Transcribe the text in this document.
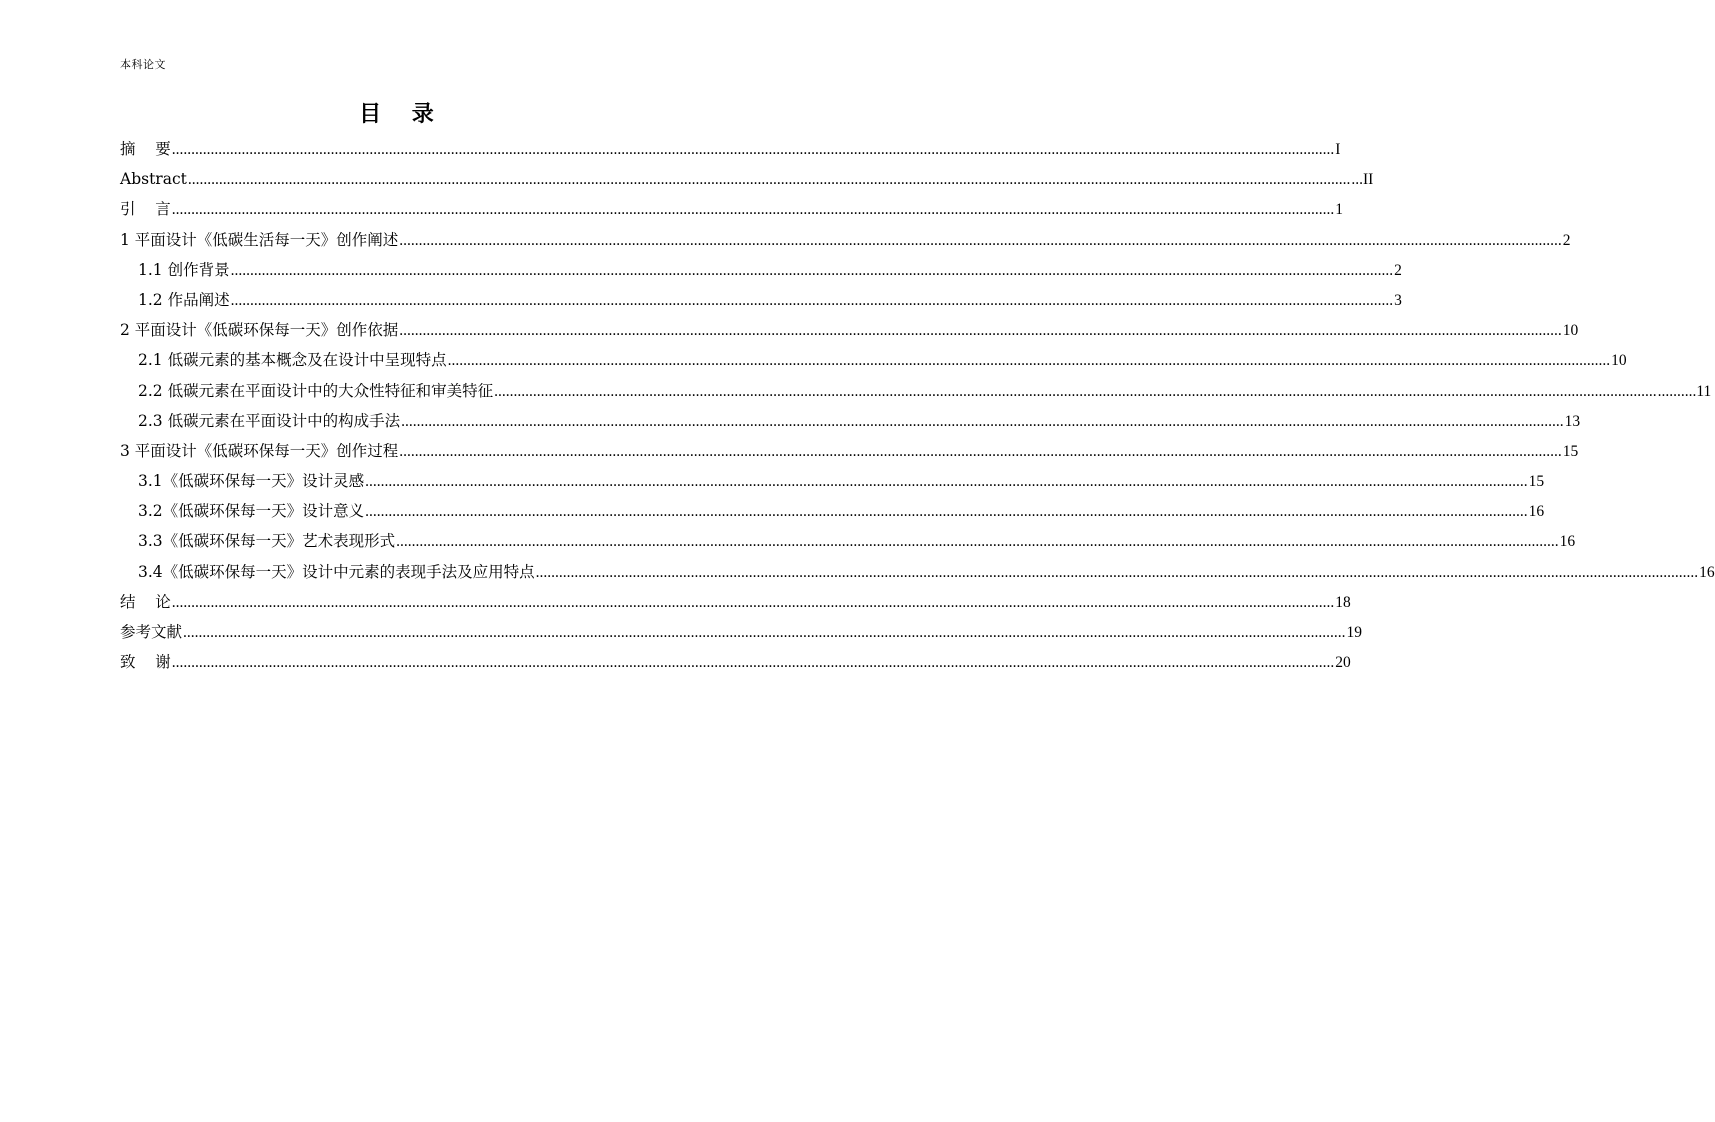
本科论文
目    录
摘    要 ............................................................................................................................................................................................................................................................................................................ I
Abstract ............................................................................................................................................................................................................................................................................................................ ...II
引    言 ............................................................................................................................................................................................................................................................................................................ 1
1 平面设计《低碳生活每一天》创作阐述 ............................................................................................................................................................................................................................................................................................................ 2
1.1 创作背景 ............................................................................................................................................................................................................................................................................................................ 2
1.2 作品阐述 ............................................................................................................................................................................................................................................................................................................ 3
2 平面设计《低碳环保每一天》创作依据 ............................................................................................................................................................................................................................................................................................................ 10
2.1 低碳元素的基本概念及在设计中呈现特点 ............................................................................................................................................................................................................................................................................................................ 10
2.2 低碳元素在平面设计中的大众性特征和审美特征 ............................................................................................................................................................................................................................................................................................................ ..........11
2.3 低碳元素在平面设计中的构成手法 ............................................................................................................................................................................................................................................................................................................ 13
3 平面设计《低碳环保每一天》创作过程 ............................................................................................................................................................................................................................................................................................................ 15
3.1《低碳环保每一天》设计灵感 ............................................................................................................................................................................................................................................................................................................ 15
3.2《低碳环保每一天》设计意义 ............................................................................................................................................................................................................................................................................................................ 16
3.3《低碳环保每一天》艺术表现形式 ............................................................................................................................................................................................................................................................................................................ 16
3.4《低碳环保每一天》设计中元素的表现手法及应用特点 ............................................................................................................................................................................................................................................................................................................ 16
结    论 ............................................................................................................................................................................................................................................................................................................ 18
参考文献 ............................................................................................................................................................................................................................................................................................................ 19
致    谢 ............................................................................................................................................................................................................................................................................................................ 20
